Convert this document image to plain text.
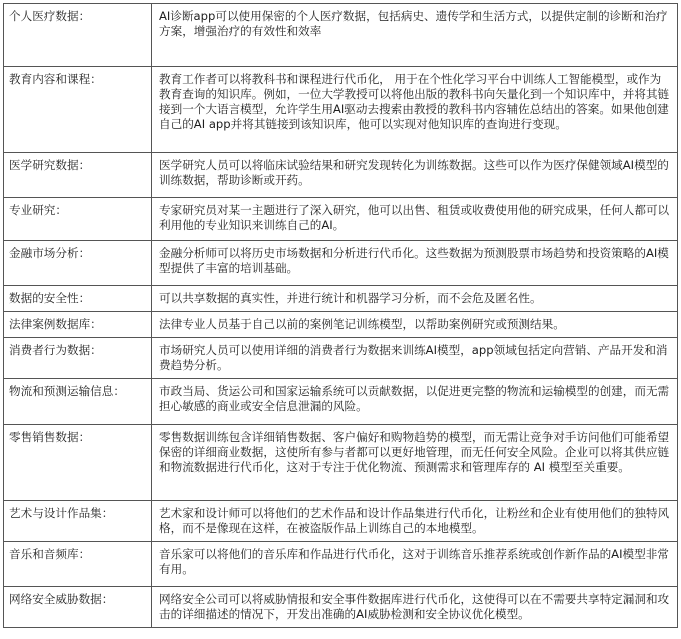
个人医疗数据：	AI诊断app可以使用保密的个人医疗数据，包括病史、遗传学和生活方式，以提供定制的诊断和治疗方案，增强治疗的有效性和效率
教育内容和课程：	教育工作者可以将教科书和课程进行代币化， 用于在个性化学习平台中训练人工智能模型，或作为教育查询的知识库。例如，一位大学教授可以将他出版的教科书向矢量化到一个知识库中，并将其链接到一个大语言模型，允许学生用AI驱动去搜索由教授的教科书内容辅佐总结出的答案。如果他创建自己的AI app并将其链接到该知识库，他可以实现对他知识库的查询进行变现。
医学研究数据：	医学研究人员可以将临床试验结果和研究发现转化为训练数据。这些可以作为医疗保健领域AI模型的训练数据，帮助诊断或开药。
专业研究：	专家研究员对某一主题进行了深入研究，他可以出售、租赁或收费使用他的研究成果，任何人都可以利用他的专业知识来训练自己的AI。
金融市场分析：	金融分析师可以将历史市场数据和分析进行代币化。这些数据为预测股票市场趋势和投资策略的AI模型提供了丰富的培训基础。
数据的安全性：	可以共享数据的真实性，并进行统计和机器学习分析，而不会危及匿名性。
法律案例数据库：	法律专业人员基于自己以前的案例笔记训练模型，以帮助案例研究或预测结果。
消费者行为数据：	市场研究人员可以使用详细的消费者行为数据来训练AI模型，app领域包括定向营销、产品开发和消费趋势分析。
物流和预测运输信息：	市政当局、货运公司和国家运输系统可以贡献数据，以促进更完整的物流和运输模型的创建，而无需担心敏感的商业或安全信息泄漏的风险。
零售销售数据：	零售数据训练包含详细销售数据、客户偏好和购物趋势的模型，而无需让竞争对手访问他们可能希望保密的详细商业数据，这使所有参与者都可以更好地管理，而无任何安全风险。企业可以将其供应链和物流数据进行代币化，这对于专注于优化物流、预测需求和管理库存的 AI 模型至关重要。
艺术与设计作品集：	艺术家和设计师可以将他们的艺术作品和设计作品集进行代币化，让粉丝和企业有使用他们的独特风格，而不是像现在这样，在被盗版作品上训练自己的本地模型。
音乐和音频库：	音乐家可以将他们的音乐库和作品进行代币化，这对于训练音乐推荐系统或创作新作品的AI模型非常有用。
网络安全威胁数据：	网络安全公司可以将威胁情报和安全事件数据库进行代币化，这使得可以在不需要共享特定漏洞和攻击的详细描述的情况下，开发出准确的AI威胁检测和安全协议优化模型。
